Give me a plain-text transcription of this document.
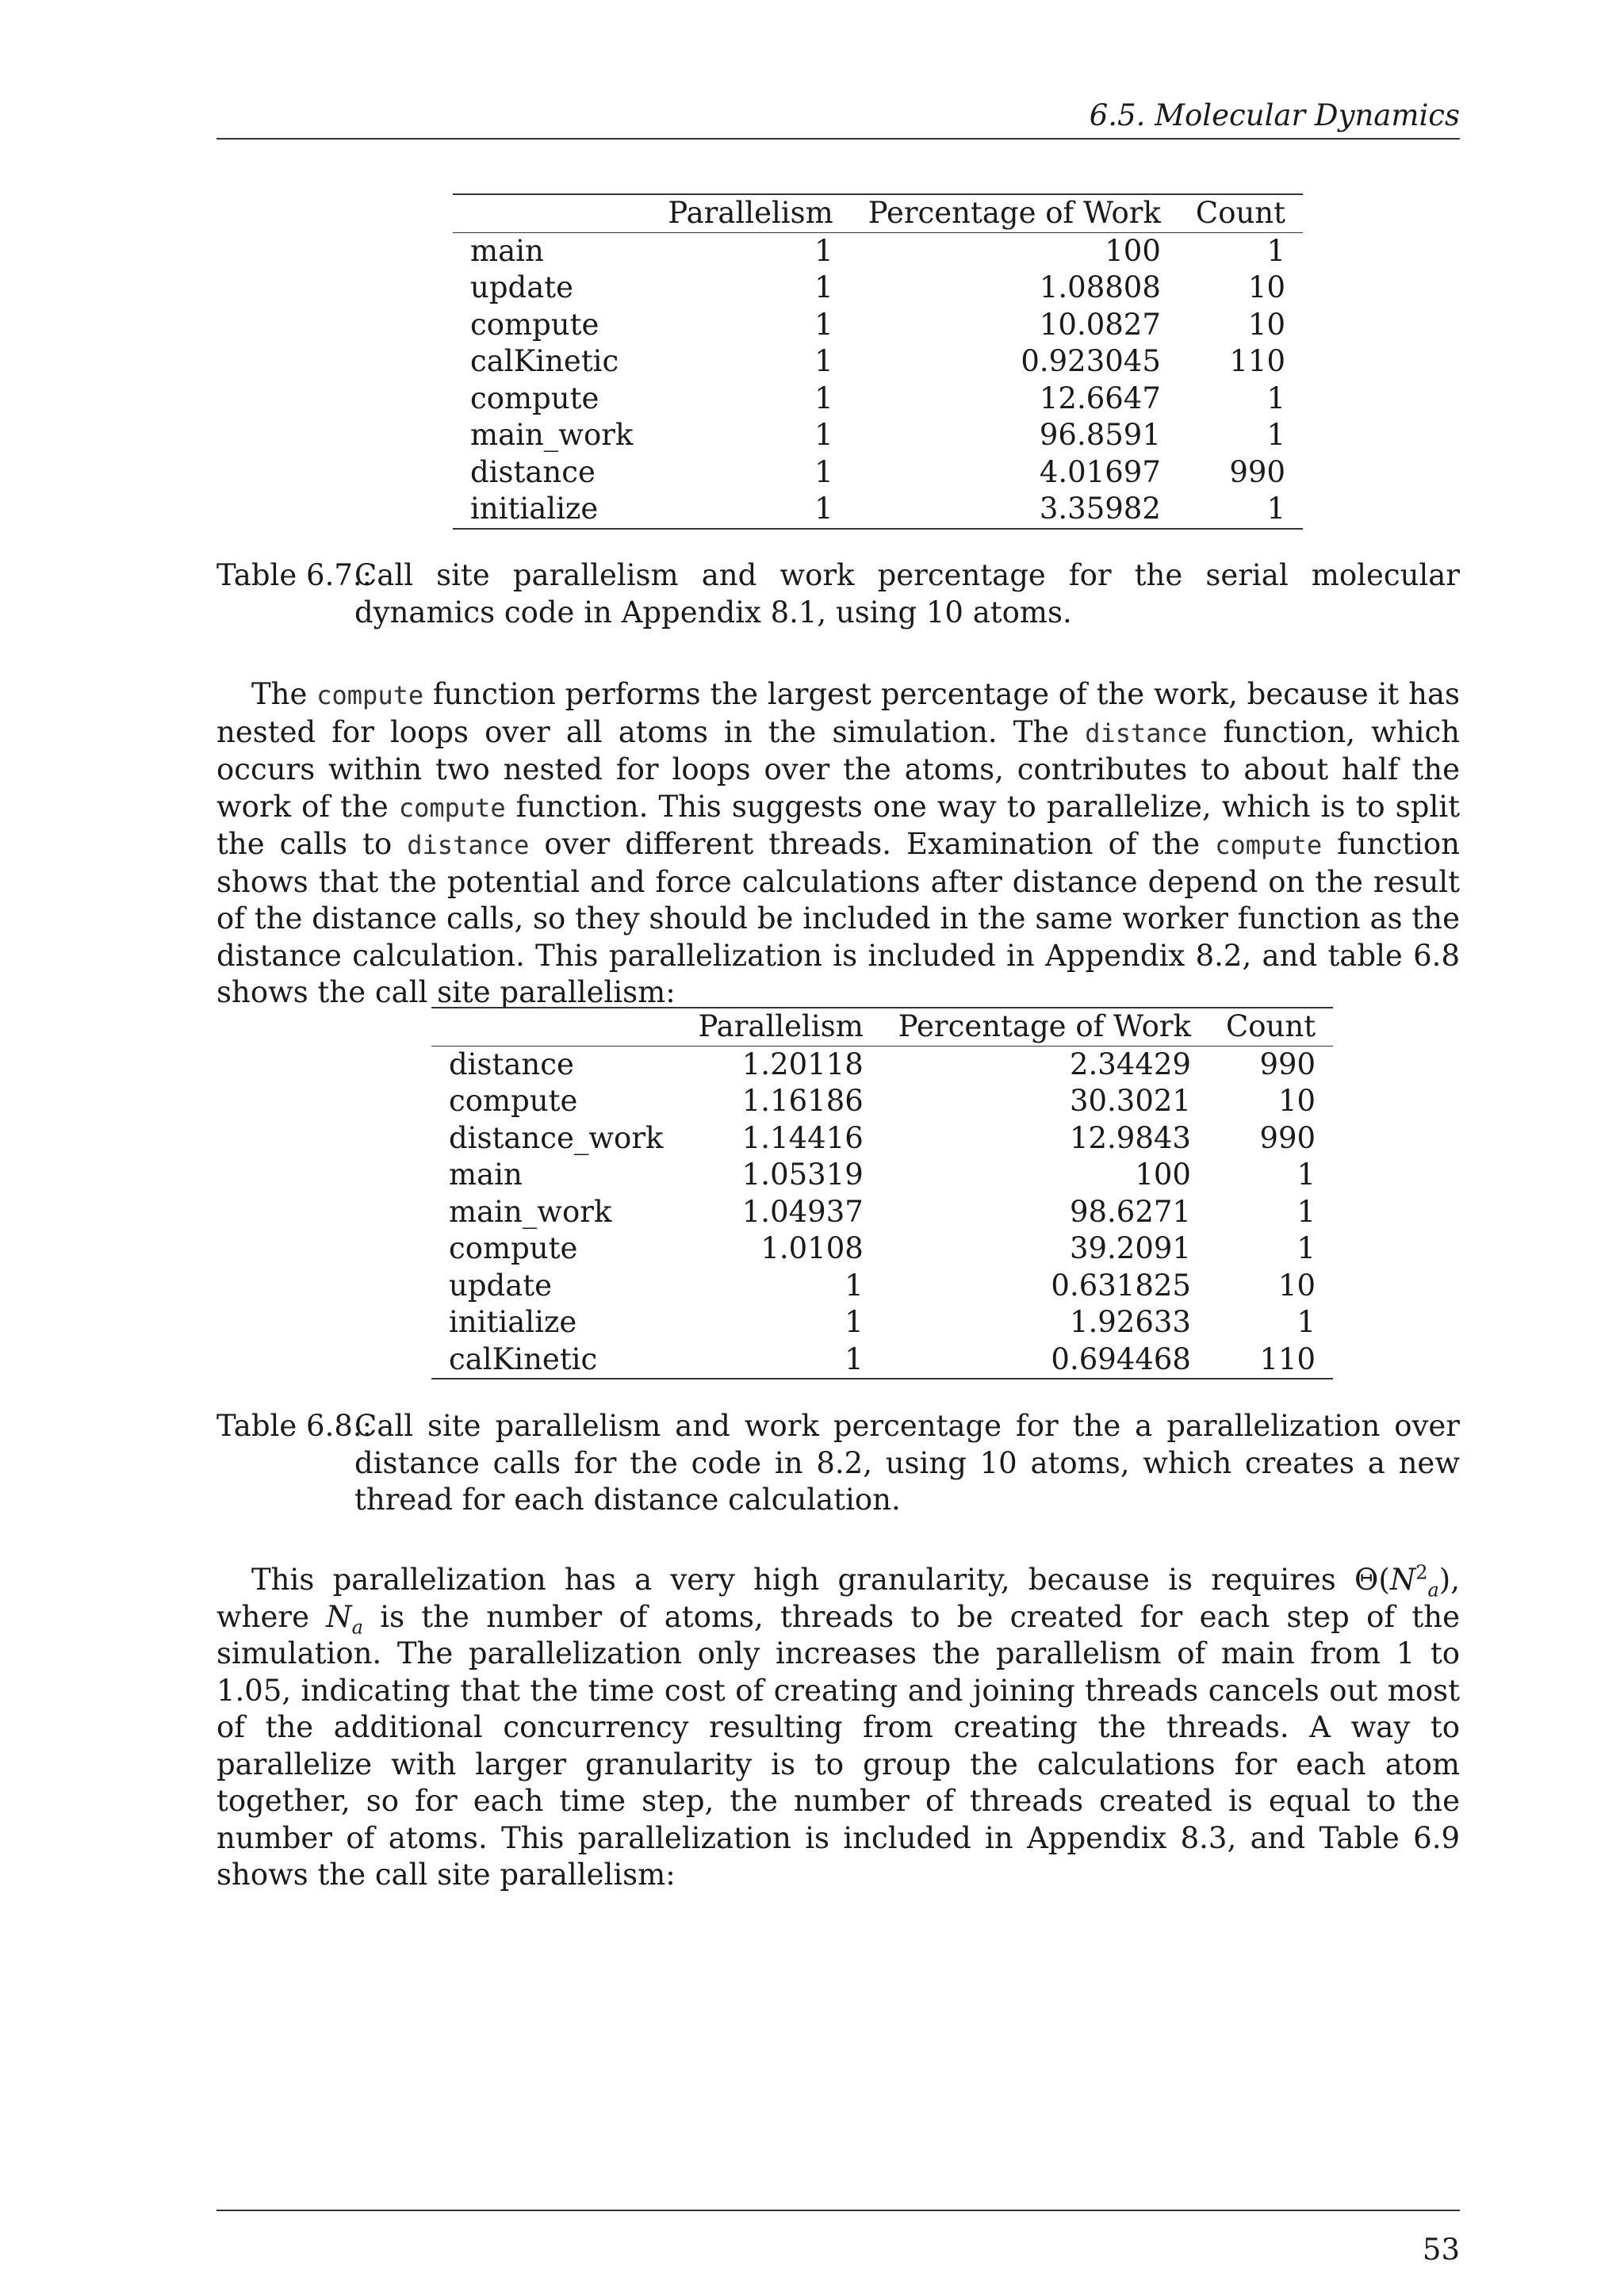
6.5. Molecular Dynamics
	Parallelism	Percentage of Work	Count
main	1	100	1
update	1	1.08808	10
compute	1	10.0827	10
calKinetic	1	0.923045	110
compute	1	12.6647	1
main_work	1	96.8591	1
distance	1	4.01697	990
initialize	1	3.35982	1
Table 6.7.:
Call site parallelism and work percentage for the serial molecular dynamics code in Appendix 8.1, using 10 atoms.

The compute function performs the largest percentage of the work, because it has nested for loops over all atoms in the simulation. The distance function, which occurs within two nested for loops over the atoms, contributes to about half the work of the compute function. This suggests one way to parallelize, which is to split the calls to distance over different threads. Examination of the compute function shows that the potential and force calculations after distance depend on the result of the distance calls, so they should be included in the same worker function as the distance calculation. This parallelization is included in Appendix 8.2, and table 6.8 shows the call site parallelism:

	Parallelism	Percentage of Work	Count
distance	1.20118	2.34429	990
compute	1.16186	30.3021	10
distance_work	1.14416	12.9843	990
main	1.05319	100	1
main_work	1.04937	98.6271	1
compute	1.0108	39.2091	1
update	1	0.631825	10
initialize	1	1.92633	1
calKinetic	1	0.694468	110
Table 6.8.:
Call site parallelism and work percentage for the a parallelization over distance calls for the code in 8.2, using 10 atoms, which creates a new thread for each distance calculation.

This parallelization has a very high granularity, because is requires $\Theta(N^2_a)$, where $N_a$ is the number of atoms, threads to be created for each step of the simulation. The parallelization only increases the parallelism of main from 1 to 1.05, indicating that the time cost of creating and joining threads cancels out most of the additional concurrency resulting from creating the threads. A way to parallelize with larger granularity is to group the calculations for each atom together, so for each time step, the number of threads created is equal to the number of atoms. This parallelization is included in Appendix 8.3, and Table 6.9 shows the call site parallelism:

53
